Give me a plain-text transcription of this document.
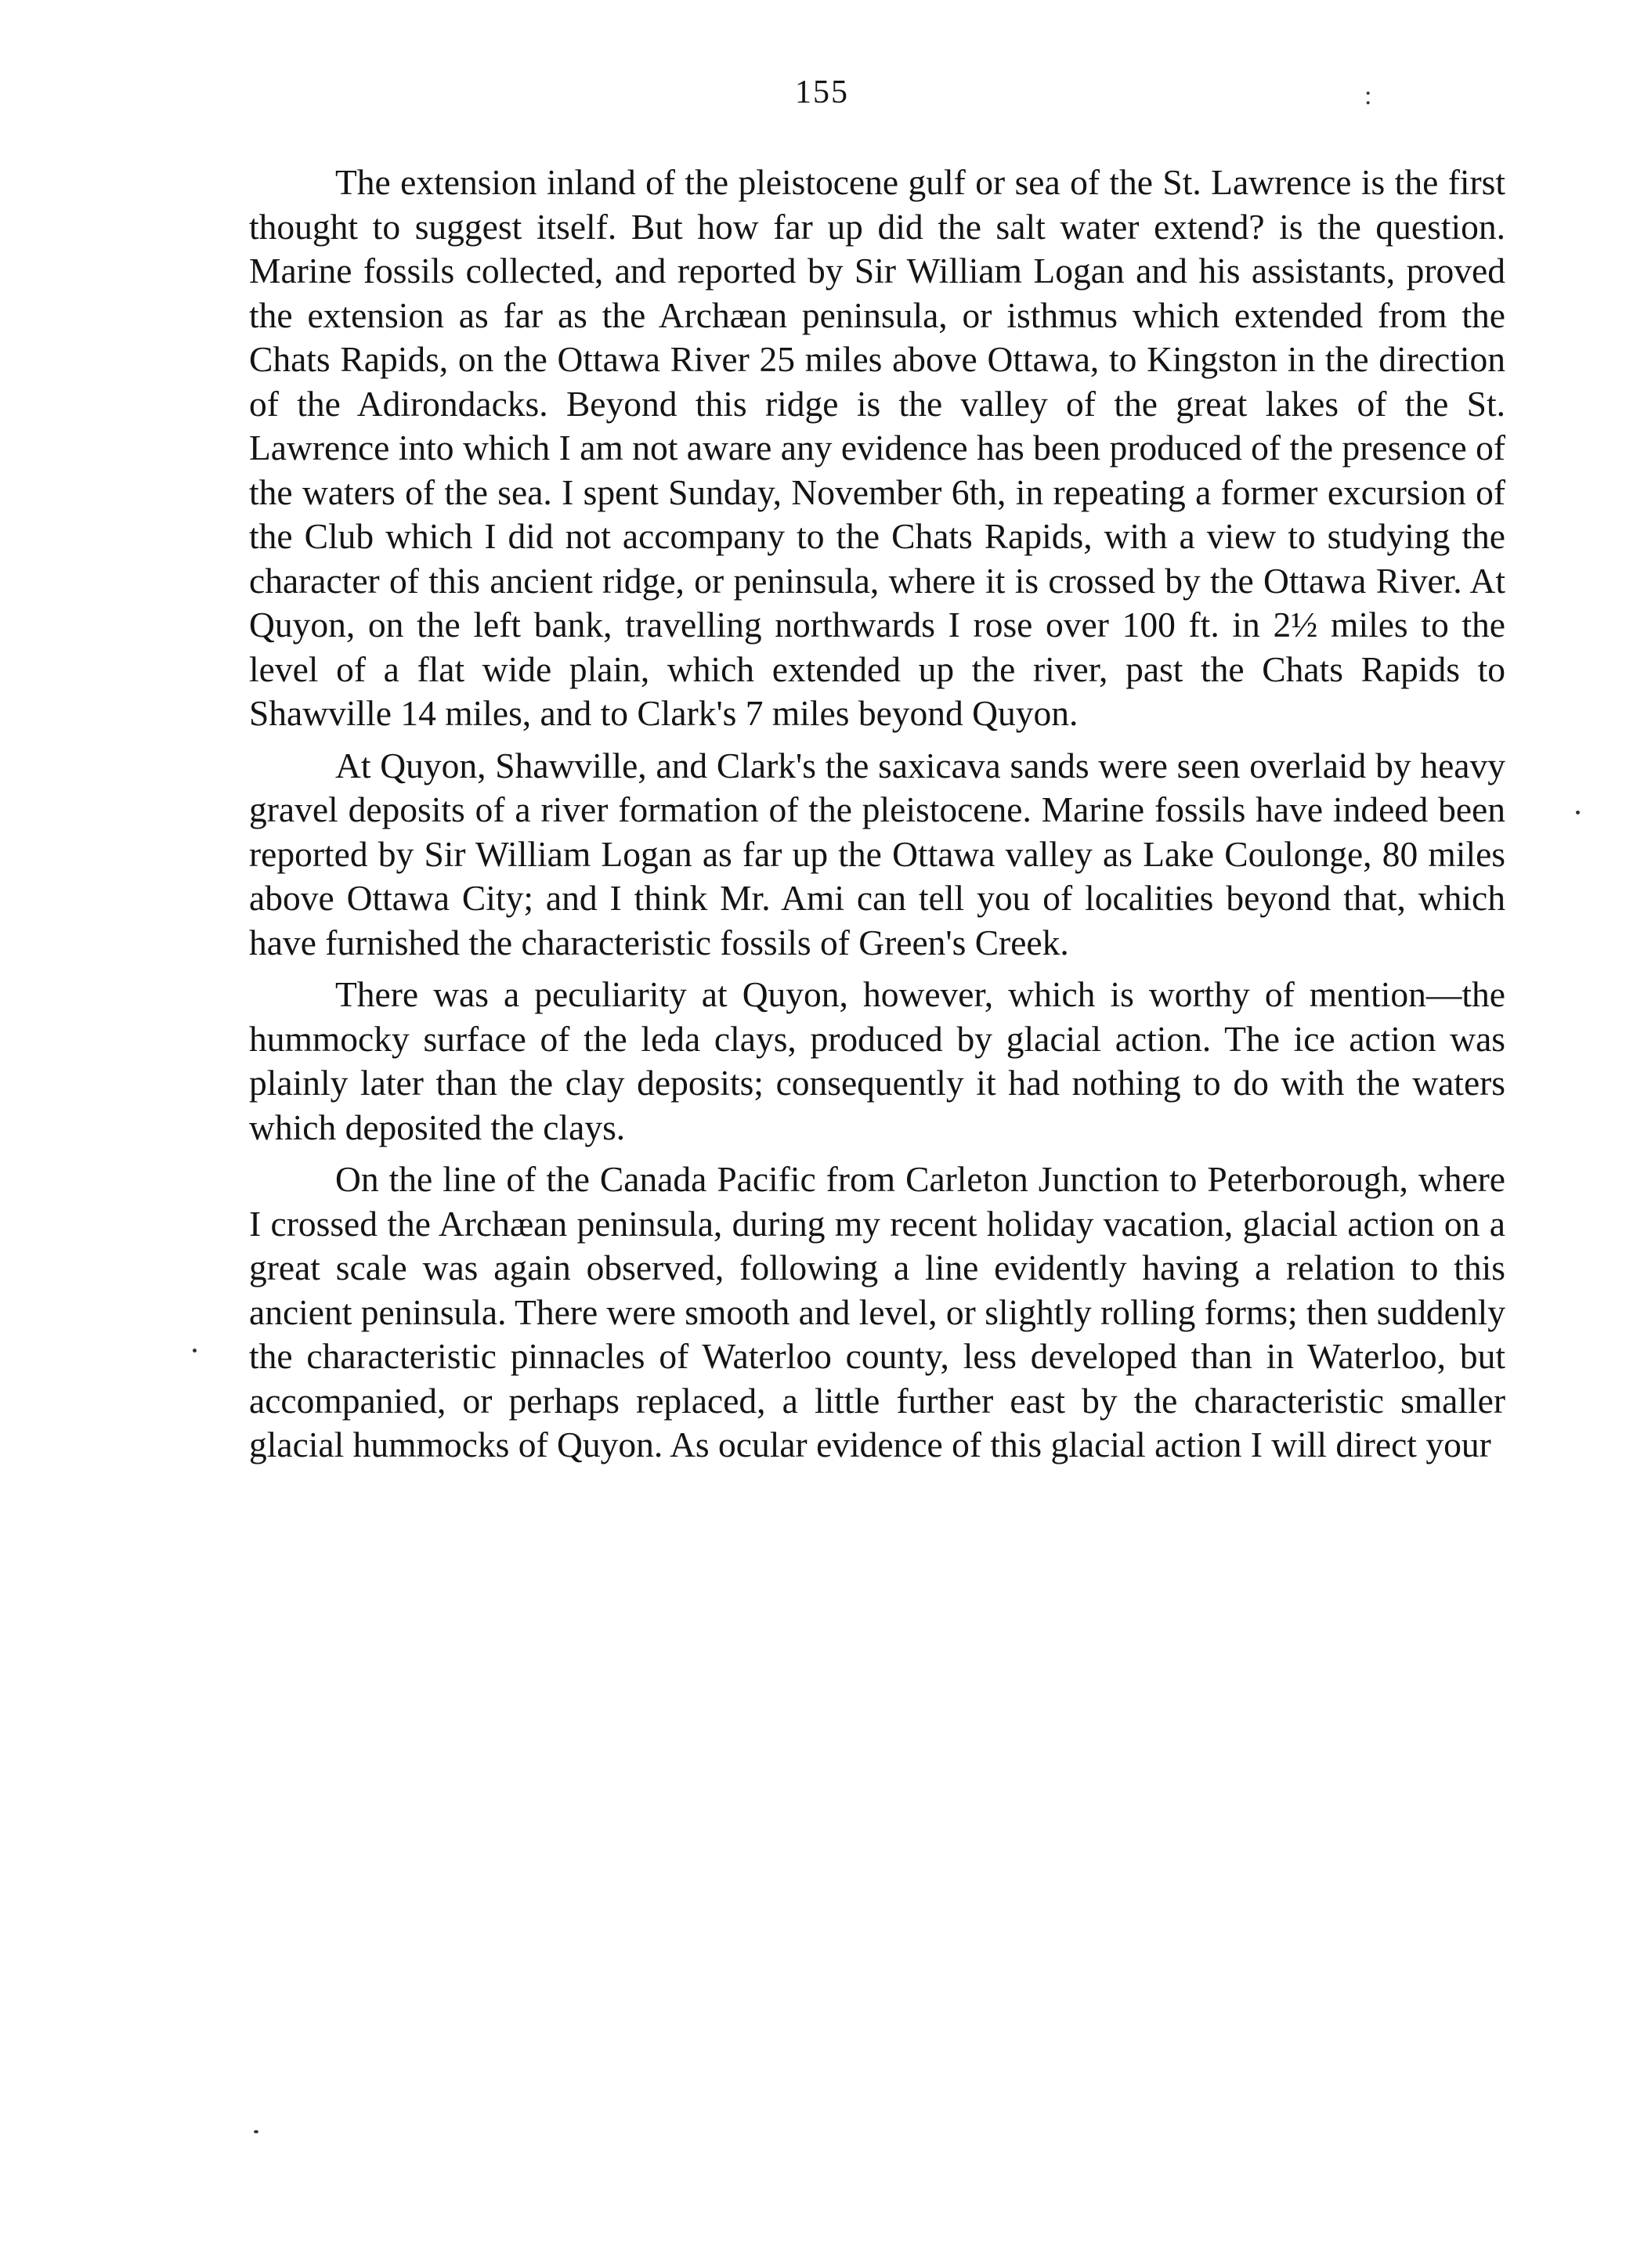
155	:

The extension inland of the pleistocene gulf or sea of the St. Lawrence is the first thought to suggest itself. But how far up did the salt water extend? is the question. Marine fossils collected, and reported by Sir William Logan and his assistants, proved the extension as far as the Archæan peninsula, or isthmus which extended from the Chats Rapids, on the Ottawa River 25 miles above Ottawa, to Kingston in the direction of the Adirondacks. Beyond this ridge is the valley of the great lakes of the St. Lawrence into which I am not aware any evidence has been produced of the presence of the waters of the sea. I spent Sunday, November 6th, in repeating a former excursion of the Club which I did not accompany to the Chats Rapids, with a view to studying the character of this ancient ridge, or peninsula, where it is crossed by the Ottawa River. At Quyon, on the left bank, travelling northwards I rose over 100 ft. in 2½ miles to the level of a flat wide plain, which extended up the river, past the Chats Rapids to Shawville 14 miles, and to Clark's 7 miles beyond Quyon.

At Quyon, Shawville, and Clark's the saxicava sands were seen overlaid by heavy gravel deposits of a river formation of the pleistocene. Marine fossils have indeed been reported by Sir William Logan as far up the Ottawa valley as Lake Coulonge, 80 miles above Ottawa City; and I think Mr. Ami can tell you of localities beyond that, which have furnished the characteristic fossils of Green's Creek.

There was a peculiarity at Quyon, however, which is worthy of mention—the hummocky surface of the leda clays, produced by glacial action. The ice action was plainly later than the clay deposits; consequently it had nothing to do with the waters which deposited the clays.

On the line of the Canada Pacific from Carleton Junction to Peterborough, where I crossed the Archæan peninsula, during my recent holiday vacation, glacial action on a great scale was again observed, following a line evidently having a relation to this ancient peninsula. There were smooth and level, or slightly rolling forms; then suddenly the characteristic pinnacles of Waterloo county, less developed than in Waterloo, but accompanied, or perhaps replaced, a little further east by the characteristic smaller glacial hummocks of Quyon. As ocular evidence of this glacial action I will direct your
